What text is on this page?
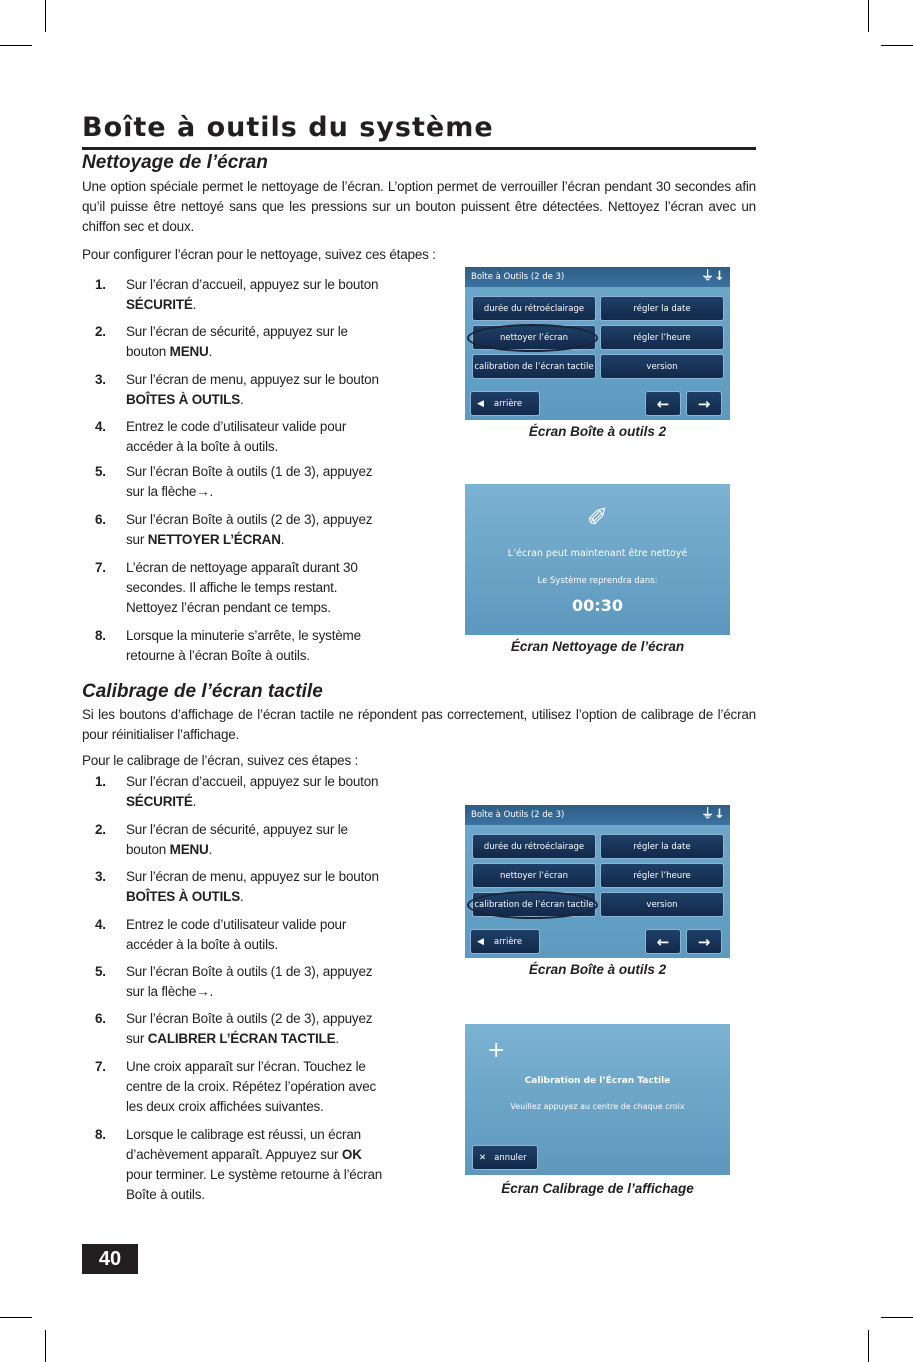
Boîte à outils du système
Nettoyage de l’écran
Une option spéciale permet le nettoyage de l’écran. L’option permet de verrouiller l’écran pendant 30 secondes afin qu’il puisse être nettoyé sans que les pressions sur un bouton puissent être détectées. Nettoyez l’écran avec un chiffon sec et doux.
Pour configurer l’écran pour le nettoyage, suivez ces étapes :
1. Sur l’écran d’accueil, appuyez sur le bouton SÉCURITÉ.
2. Sur l’écran de sécurité, appuyez sur le bouton MENU.
3. Sur l’écran de menu, appuyez sur le bouton BOÎTES À OUTILS.
4. Entrez le code d’utilisateur valide pour accéder à la boîte à outils.
5. Sur l’écran Boîte à outils (1 de 3), appuyez sur la flèche→.
6. Sur l’écran Boîte à outils (2 de 3), appuyez sur NETTOYER L’ÉCRAN.
7. L’écran de nettoyage apparaît durant 30 secondes. Il affiche le temps restant. Nettoyez l’écran pendant ce temps.
8. Lorsque la minuterie s’arrête, le système retourne à l’écran Boîte à outils.
Boîte à Outils (2 de 3)	⏚↓
durée du rétroéclairage	régler la date
nettoyer l’écran	régler l’heure
calibration de l’écran tactile	version
◀ arrière	←	→
Écran Boîte à outils 2
✐
L’écran peut maintenant être nettoyé
Le Système reprendra dans:
00:30
Écran Nettoyage de l’écran
Calibrage de l’écran tactile
Si les boutons d’affichage de l’écran tactile ne répondent pas correctement, utilisez l’option de calibrage de l’écran pour réinitialiser l’affichage.
Pour le calibrage de l’écran, suivez ces étapes :
1. Sur l’écran d’accueil, appuyez sur le bouton SÉCURITÉ.
2. Sur l’écran de sécurité, appuyez sur le bouton MENU.
3. Sur l’écran de menu, appuyez sur le bouton BOÎTES À OUTILS.
4. Entrez le code d’utilisateur valide pour accéder à la boîte à outils.
5. Sur l’écran Boîte à outils (1 de 3), appuyez sur la flèche→.
6. Sur l’écran Boîte à outils (2 de 3), appuyez sur CALIBRER L’ÉCRAN TACTILE.
7. Une croix apparaît sur l’écran. Touchez le centre de la croix. Répétez l’opération avec les deux croix affichées suivantes.
8. Lorsque le calibrage est réussi, un écran d’achèvement apparaît. Appuyez sur OK pour terminer. Le système retourne à l’écran Boîte à outils.
Boîte à Outils (2 de 3)	⏚↓
durée du rétroéclairage	régler la date
nettoyer l’écran	régler l’heure
calibration de l’écran tactile	version
◀ arrière	←	→
Écran Boîte à outils 2
+
Calibration de l’Écran Tactile
Veuillez appuyez au centre de chaque croix
✕ annuler
Écran Calibrage de l’affichage
40
